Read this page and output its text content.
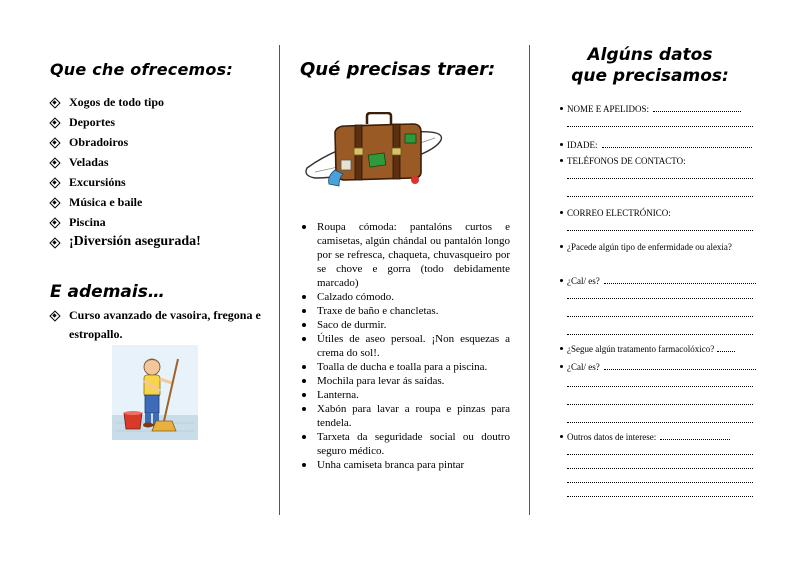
Que che ofrecemos:
Xogos de todo tipo
Deportes
Obradoiros
Veladas
Excursións
Música e baile
Piscina
¡Diversión asegurada!
E ademais…
Curso avanzado de vasoira, fregona e estropallo.
Qué precisas traer:
Roupa cómoda: pantalóns curtos e camisetas, algún chándal ou pantalón longo por se refresca, chaqueta, chuvasqueiro por se chove e gorra (todo debidamente marcado)
Calzado cómodo.
Traxe de baño e chancletas.
Saco de durmir.
Útiles de aseo persoal. ¡Non esquezas a crema do sol!.
Toalla de ducha e toalla para a piscina.
Mochila para levar ás saídas.
Lanterna.
Xabón para lavar a roupa e pinzas para tendela.
Tarxeta da seguridade social ou doutro seguro médico.
Unha camiseta branca para pintar
Algúns datos
que precisamos:
NOME E APELIDOS:
IDADE:
TELÉFONOS DE CONTACTO:
CORREO ELECTRÓNICO:
¿Pacede algún tipo de enfermidade ou alexia?
¿Cal/ es?
¿Segue algún tratamento farmacolóxico?
¿Cal/ es?
Outros datos de interese:
